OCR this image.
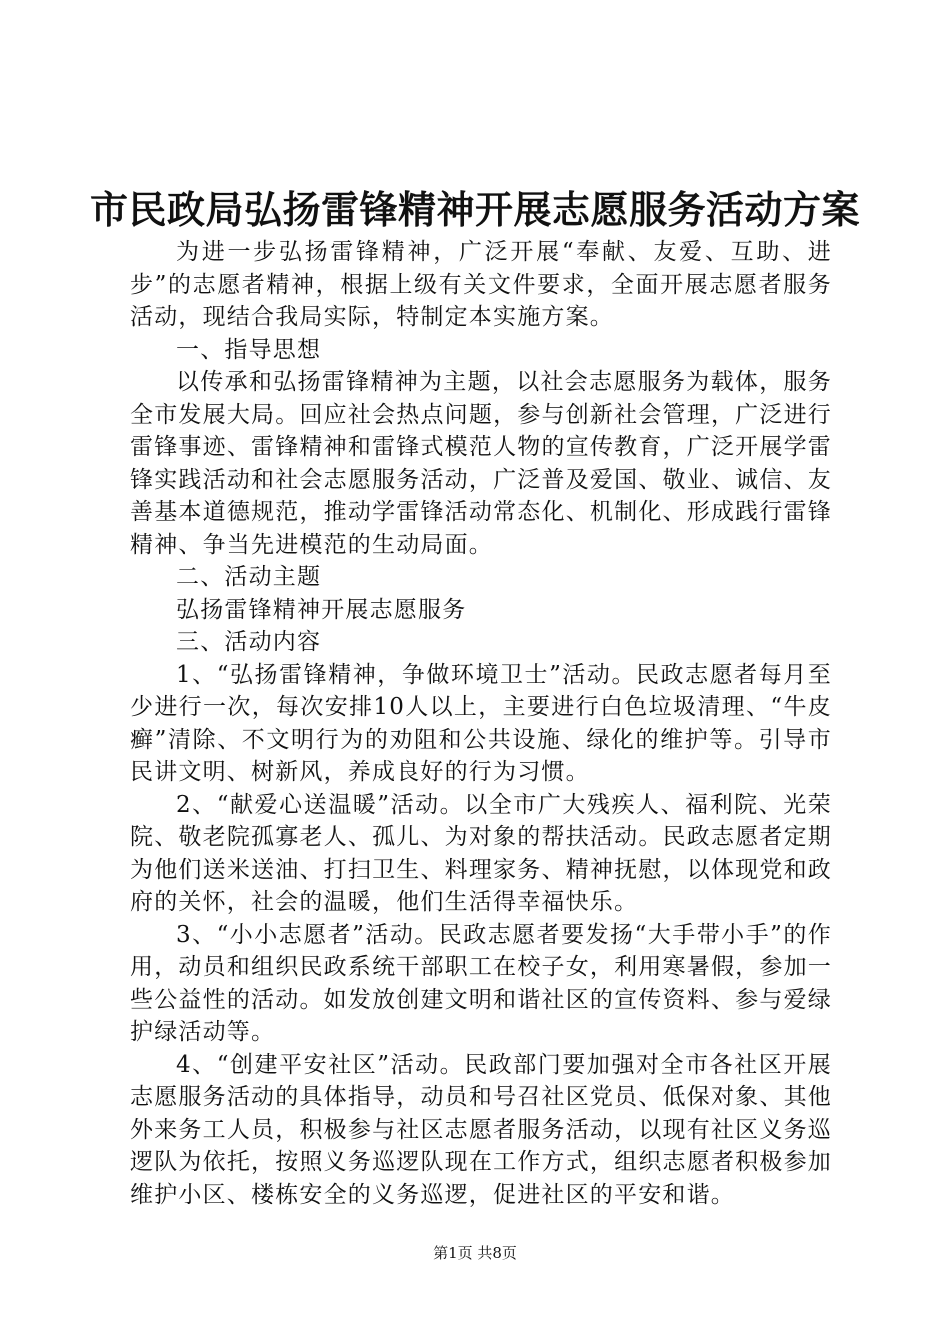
市民政局弘扬雷锋精神开展志愿服务活动方案

为进一步弘扬雷锋精神，广泛开展“奉献、友爱、互助、进步”的志愿者精神，根据上级有关文件要求，全面开展志愿者服务活动，现结合我局实际，特制定本实施方案。

一、指导思想

以传承和弘扬雷锋精神为主题，以社会志愿服务为载体，服务全市发展大局。回应社会热点问题，参与创新社会管理，广泛进行雷锋事迹、雷锋精神和雷锋式模范人物的宣传教育，广泛开展学雷锋实践活动和社会志愿服务活动，广泛普及爱国、敬业、诚信、友善基本道德规范，推动学雷锋活动常态化、机制化、形成践行雷锋精神、争当先进模范的生动局面。

二、活动主题

弘扬雷锋精神开展志愿服务

三、活动内容

1、“弘扬雷锋精神，争做环境卫士”活动。民政志愿者每月至少进行一次，每次安排10人以上，主要进行白色垃圾清理、“牛皮癣”清除、不文明行为的劝阻和公共设施、绿化的维护等。引导市民讲文明、树新风，养成良好的行为习惯。

2、“献爱心送温暖”活动。以全市广大残疾人、福利院、光荣院、敬老院孤寡老人、孤儿、为对象的帮扶活动。民政志愿者定期为他们送米送油、打扫卫生、料理家务、精神抚慰，以体现党和政府的关怀，社会的温暖，他们生活得幸福快乐。

3、“小小志愿者”活动。民政志愿者要发扬“大手带小手”的作用，动员和组织民政系统干部职工在校子女，利用寒暑假，参加一些公益性的活动。如发放创建文明和谐社区的宣传资料、参与爱绿护绿活动等。

4、“创建平安社区”活动。民政部门要加强对全市各社区开展志愿服务活动的具体指导，动员和号召社区党员、低保对象、其他外来务工人员，积极参与社区志愿者服务活动，以现有社区义务巡逻队为依托，按照义务巡逻队现在工作方式，组织志愿者积极参加维护小区、楼栋安全的义务巡逻，促进社区的平安和谐。

第1页 共8页
